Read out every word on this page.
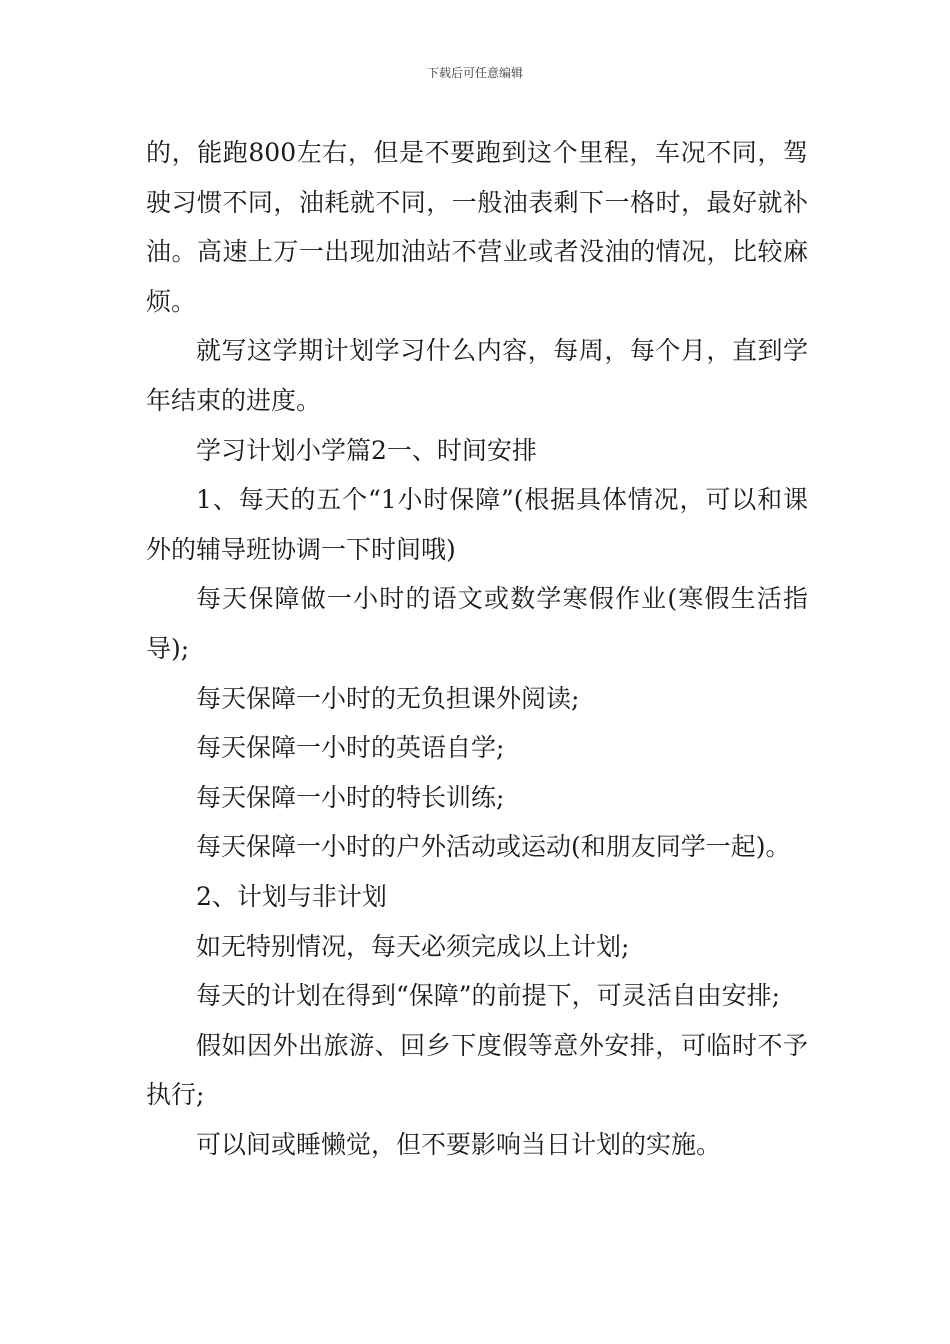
下载后可任意编辑

的，能跑800左右，但是不要跑到这个里程，车况不同，驾驶习惯不同，油耗就不同，一般油表剩下一格时，最好就补油。高速上万一出现加油站不营业或者没油的情况，比较麻烦。

就写这学期计划学习什么内容，每周，每个月，直到学年结束的进度。

学习计划小学篇2一、时间安排

1、每天的五个“1小时保障”(根据具体情况，可以和课外的辅导班协调一下时间哦)

每天保障做一小时的语文或数学寒假作业(寒假生活指导);

每天保障一小时的无负担课外阅读;

每天保障一小时的英语自学;

每天保障一小时的特长训练;

每天保障一小时的户外活动或运动(和朋友同学一起)。

2、计划与非计划

如无特别情况，每天必须完成以上计划;

每天的计划在得到“保障”的前提下，可灵活自由安排;

假如因外出旅游、回乡下度假等意外安排，可临时不予执行;

可以间或睡懒觉，但不要影响当日计划的实施。
